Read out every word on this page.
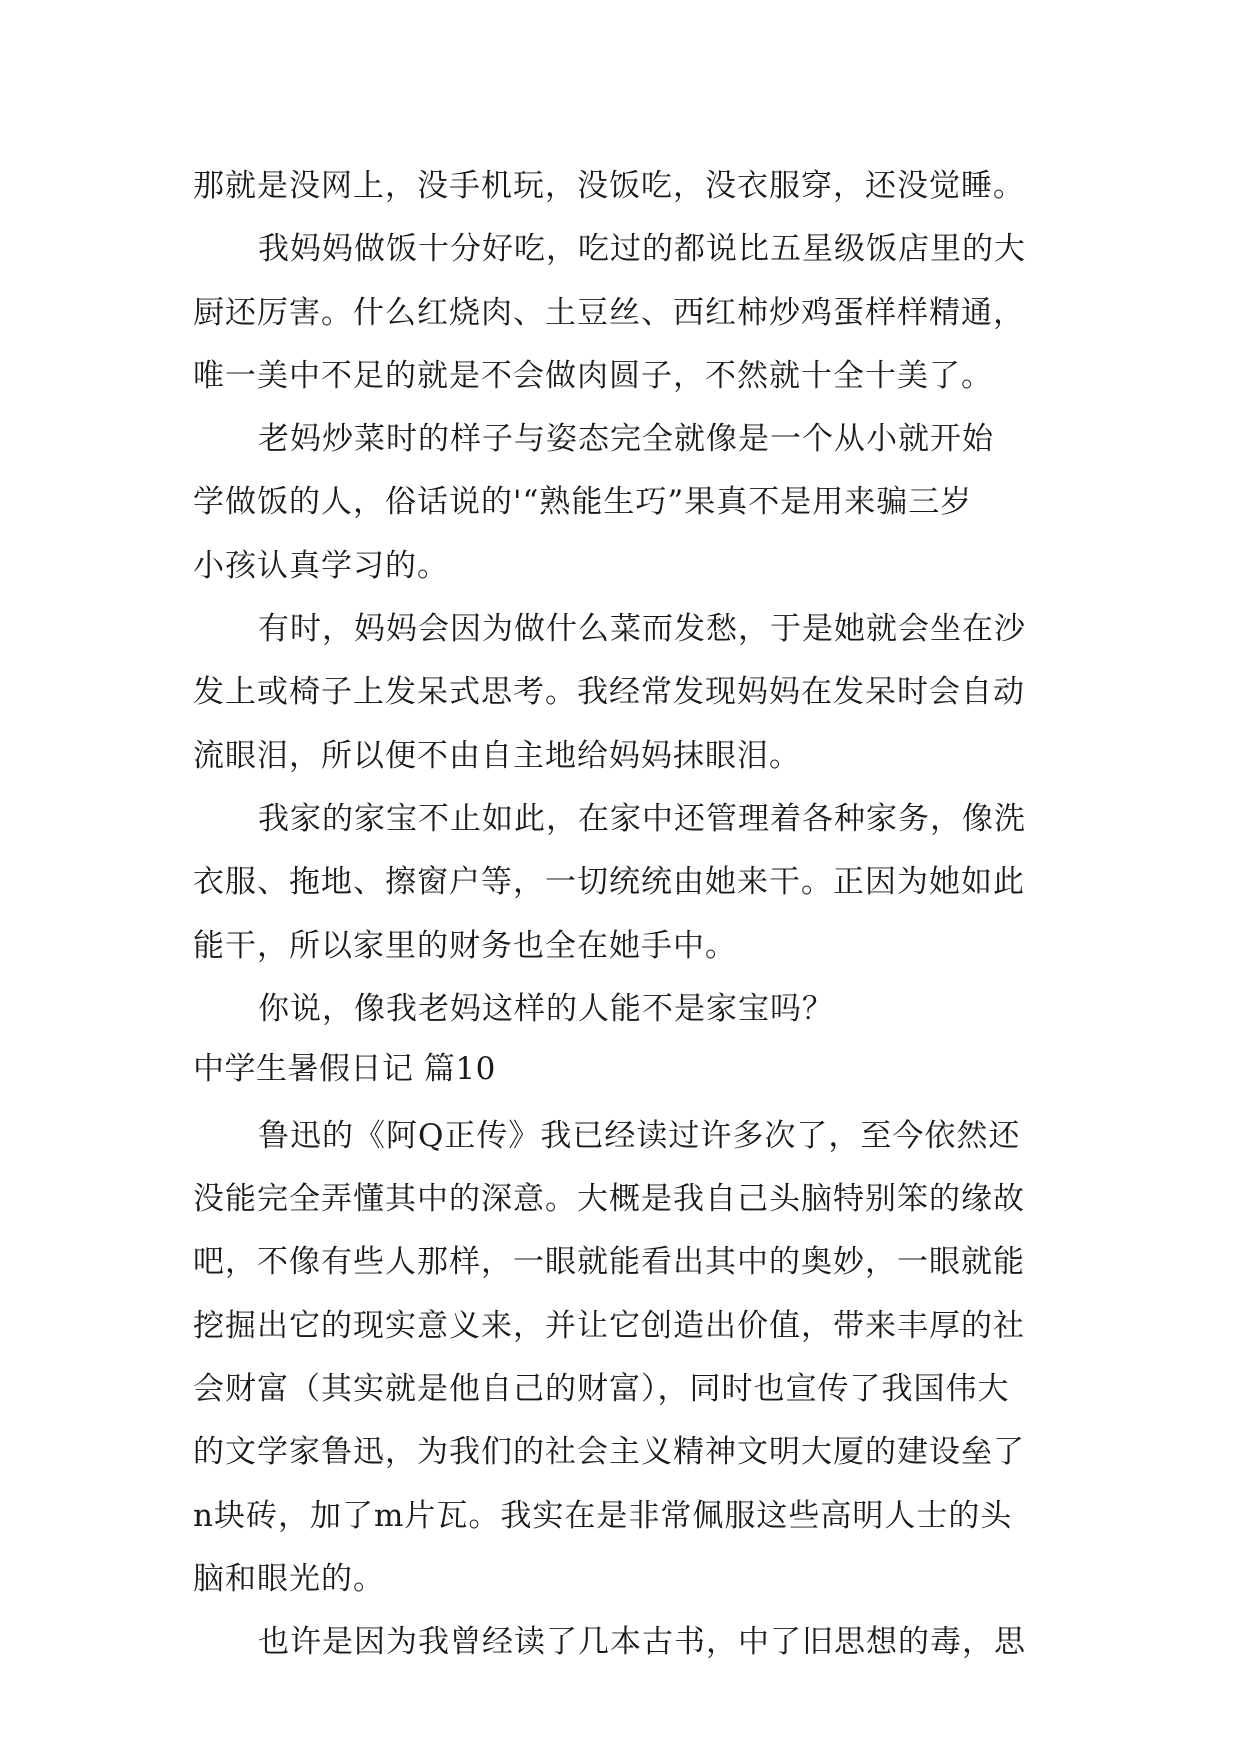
那就是没网上，没手机玩，没饭吃，没衣服穿，还没觉睡。
我妈妈做饭十分好吃，吃过的都说比五星级饭店里的大
厨还厉害。什么红烧肉、土豆丝、西红柿炒鸡蛋样样精通，
唯一美中不足的就是不会做肉圆子，不然就十全十美了。
老妈炒菜时的样子与姿态完全就像是一个从小就开始
学做饭的人，俗话说的'“熟能生巧”果真不是用来骗三岁
小孩认真学习的。
有时，妈妈会因为做什么菜而发愁，于是她就会坐在沙
发上或椅子上发呆式思考。我经常发现妈妈在发呆时会自动
流眼泪，所以便不由自主地给妈妈抹眼泪。
我家的家宝不止如此，在家中还管理着各种家务，像洗
衣服、拖地、擦窗户等，一切统统由她来干。正因为她如此
能干，所以家里的财务也全在她手中。
你说，像我老妈这样的人能不是家宝吗？
中学生暑假日记 篇10
鲁迅的《阿Q正传》我已经读过许多次了，至今依然还
没能完全弄懂其中的深意。大概是我自己头脑特别笨的缘故
吧，不像有些人那样，一眼就能看出其中的奥妙，一眼就能
挖掘出它的现实意义来，并让它创造出价值，带来丰厚的社
会财富（其实就是他自己的财富），同时也宣传了我国伟大
的文学家鲁迅，为我们的社会主义精神文明大厦的建设垒了
n块砖，加了m片瓦。我实在是非常佩服这些高明人士的头
脑和眼光的。
也许是因为我曾经读了几本古书，中了旧思想的毒，思
